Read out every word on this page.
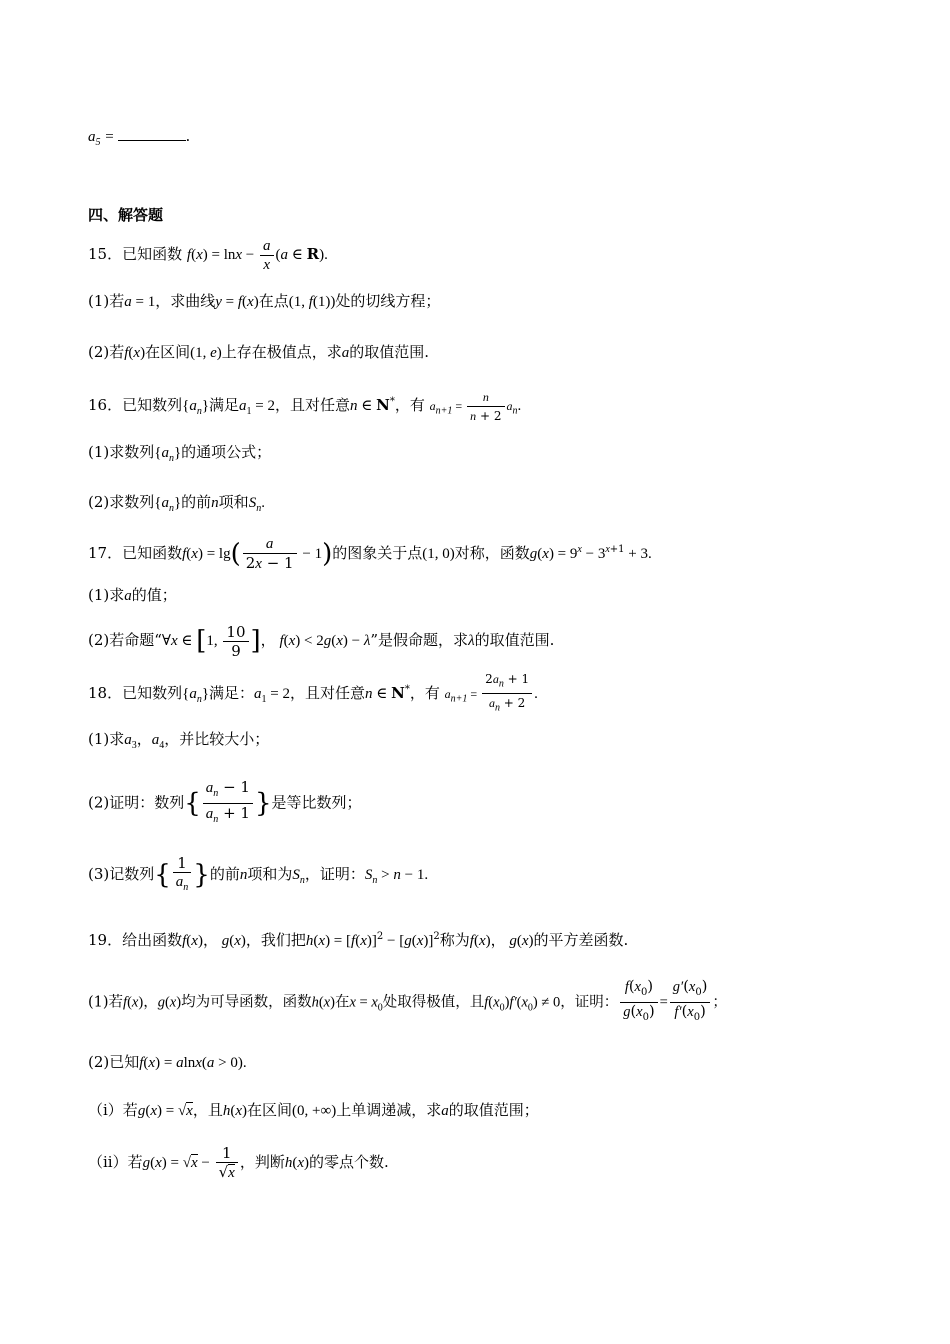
$a_5$ =	.
四、解答题
15．已知函数 $f(x) = \ln x - \frac{a}{x} (a$ ∈ R).
(1)若a = 1，求曲线y = f(x)在点(1, f(1))处的切线方程；
(2)若f(x)在区间(1, e)上存在极值点，求a的取值范围.
16．已知数列$\{a_n\}$满足$a_1 = 2$，且对任意n ∈ N*，有 $a_{n+1} = \frac{n}{n + 2} a_n$.
(1)求数列$\{a_n\}$的通项公式；
(2)求数列$\{a_n\}$的前n项和$S_n$.
17．已知函数$f(x) = \lg( \frac{a}{2x - 1} - 1)$的图象关于点(1, 0)对称，函数$g(x) = 9^x - 3^{x+1} + 3$.
(1)求a的值；
(2)若命题“∀x ∈ [1, $\frac{10}{9}$ ]， f(x) < 2g(x) − λ”是假命题，求λ的取值范围.
18．已知数列$\{a_n\}$满足：$a_1 = 2$，且对任意n ∈ N*，有 $a_{n+1} = \frac{2a_n + 1}{a_n + 2}$ .
(1)求$a_3$，$a_4$，并比较大小；
(2)证明：数列{ $\frac{a_n - 1}{a_n + 1}$ }是等比数列；
(3)记数列{ $\frac{1}{a_n}$ }的前n项和为$S_n$，证明：$S_n > n - 1$.
19．给出函数f(x)， g(x)，我们把$h(x) = [f(x)]^2 - [g(x)]^2$称为f(x)， g(x)的平方差函数.
(1)若f(x)，g(x)均为可导函数，函数h(x)在$x = x_0$处取得极值，且$f(x_0)f'(x_0) \ne 0$，证明： $\frac{f(x_0)}{g(x_0)} = \frac{g'(x_0)}{f'(x_0)}$ ；
(2)已知f(x) = alnx(a > 0).
（i）若g(x) = √x，且h(x)在区间(0, +∞)上单调递减，求a的取值范围；
（ii）若$g(x) = √x - \frac{1}{√x}$ ，判断h(x)的零点个数.
